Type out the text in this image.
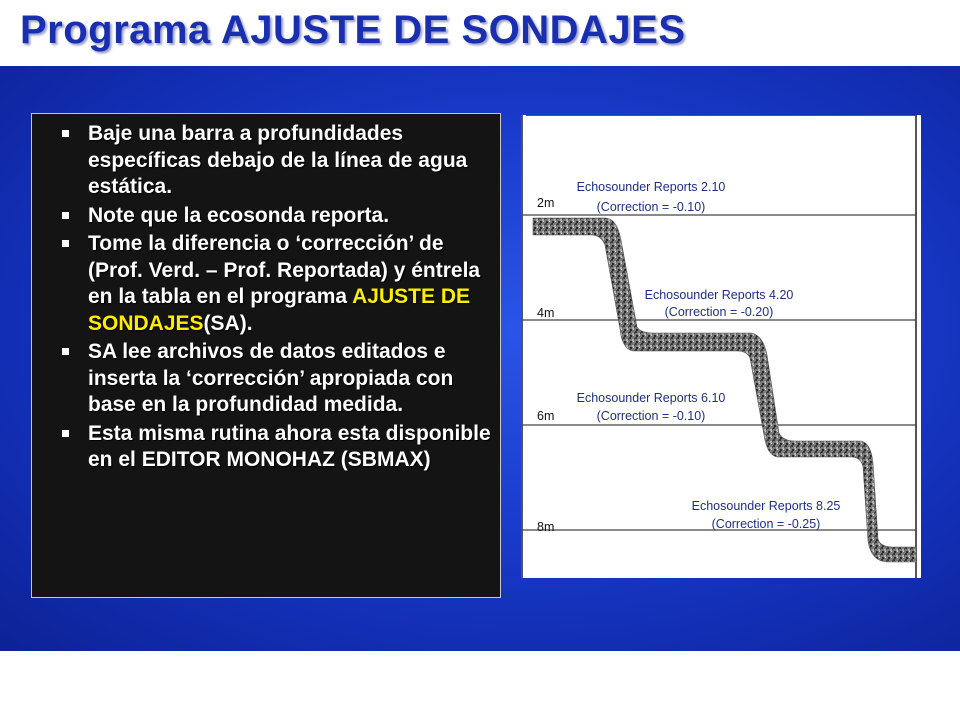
Programa AJUSTE DE SONDAJES
Baje una barra a profundidades específicas debajo de la línea de agua estática.
Note que la ecosonda reporta.
Tome la diferencia o ‘corrección’ de (Prof. Verd. – Prof. Reportada) y éntrela en la tabla en el programa AJUSTE DE SONDAJES(SA).
SA lee archivos de datos editados e inserta la ‘corrección’ apropiada con base en la profundidad medida.
Esta misma rutina ahora esta disponible en el EDITOR MONOHAZ (SBMAX)
2m
4m
6m
8m
Echosounder Reports 2.10
(Correction = -0.10)
Echosounder Reports 4.20
(Correction = -0.20)
Echosounder Reports 6.10
(Correction = -0.10)
Echosounder Reports 8.25
(Correction = -0.25)
